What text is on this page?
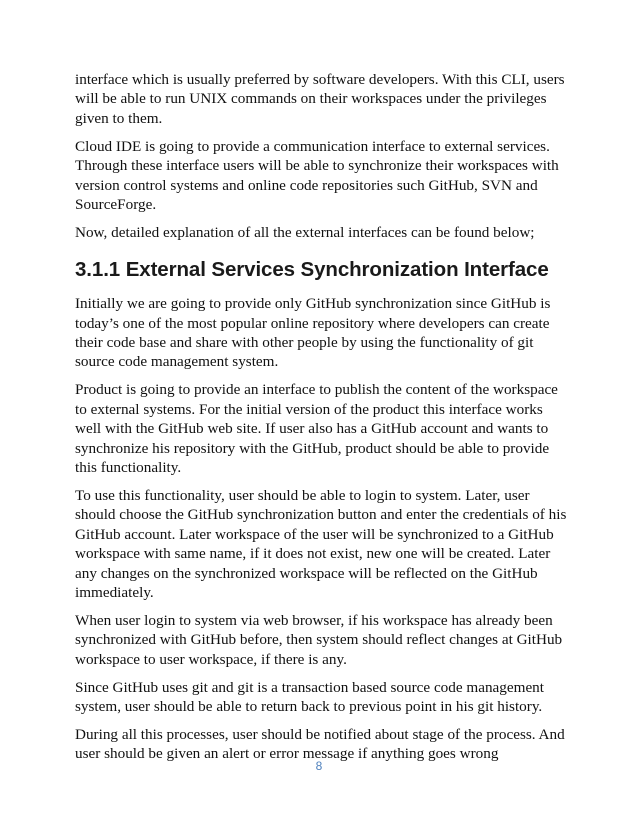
interface which is usually preferred by software developers. With this CLI, users will be able to run UNIX commands on their workspaces under the privileges given to them.

Cloud IDE is going to provide a communication interface to external services. Through these interface users will be able to synchronize their workspaces with version control systems and online code repositories such GitHub, SVN and SourceForge.

Now, detailed explanation of all the external interfaces can be found below;

3.1.1 External Services Synchronization Interface

Initially we are going to provide only GitHub synchronization since GitHub is today’s one of the most popular online repository where developers can create their code base and share with other people by using the functionality of git source code management system.

Product is going to provide an interface to publish the content of the workspace to external systems. For the initial version of the product this interface works well with the GitHub web site. If user also has a GitHub account and wants to synchronize his repository with the GitHub, product should be able to provide this functionality.

To use this functionality, user should be able to login to system. Later, user should choose the GitHub synchronization button and enter the credentials of his GitHub account. Later workspace of the user will be synchronized to a GitHub workspace with same name, if it does not exist, new one will be created. Later any changes on the synchronized workspace will be reflected on the GitHub immediately.

When user login to system via web browser, if his workspace has already been synchronized with GitHub before, then system should reflect changes at GitHub workspace to user workspace, if there is any.

Since GitHub uses git and git is a transaction based source code management system, user should be able to return back to previous point in his git history.

During all this processes, user should be notified about stage of the process. And user should be given an alert or error message if anything goes wrong

8
